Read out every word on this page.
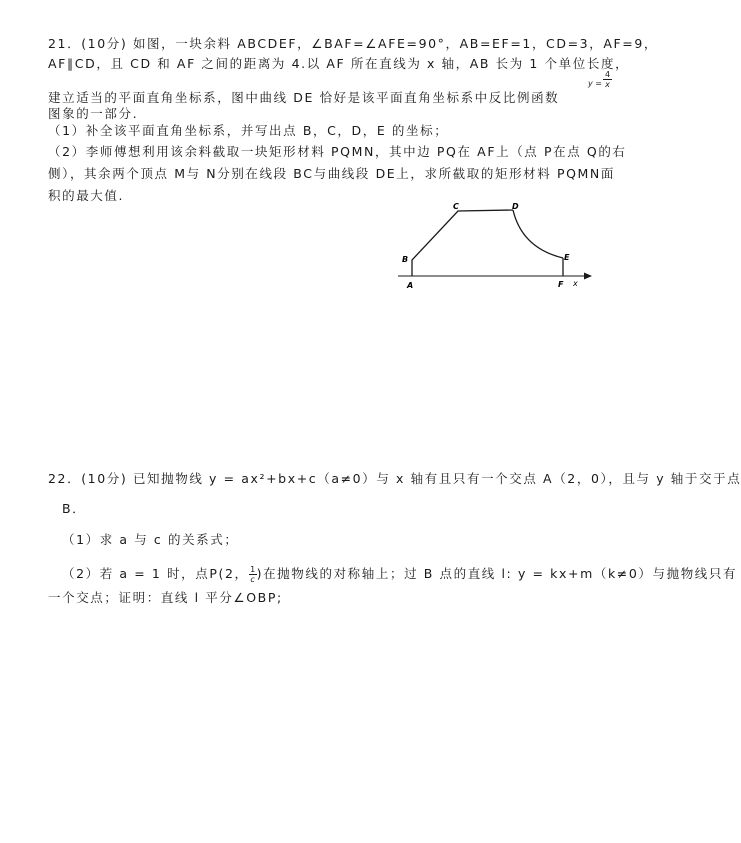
21．(10分) 如图，一块余料 ABCDEF，∠BAF=∠AFE=90°，AB=EF=1，CD=3，AF=9，
AF∥CD，且 CD 和 AF 之间的距离为 4.以 AF 所在直线为 x 轴，AB 长为 1 个单位长度，
建立适当的平面直角坐标系，图中曲线 DE 恰好是该平面直角坐标系中反比例函数
$y = \frac{4}{x}$
图象的一部分.
（1）补全该平面直角坐标系，并写出点 B，C，D，E 的坐标；
（2）李师傅想利用该余料截取一块矩形材料 PQMN，其中边 PQ在 AF上（点 P在点 Q的右
侧），其余两个顶点 M与 N分别在线段 BC与曲线段 DE上，求所截取的矩形材料 PQMN面
积的最大值.
A
B
C	D
E
F x
22．(10分) 已知抛物线 y = ax²+bx+c（a≠0）与 x 轴有且只有一个交点 A（2，0），且与 y 轴于交于点
B．
（1）求 a 与 c 的关系式；
（2）若 a = 1 时，点P(2， $\frac{1}{c}$ )在抛物线的对称轴上；过 B 点的直线 l: y = kx+m（k≠0）与抛物线只有
一个交点；证明：直线 l 平分∠OBP;
